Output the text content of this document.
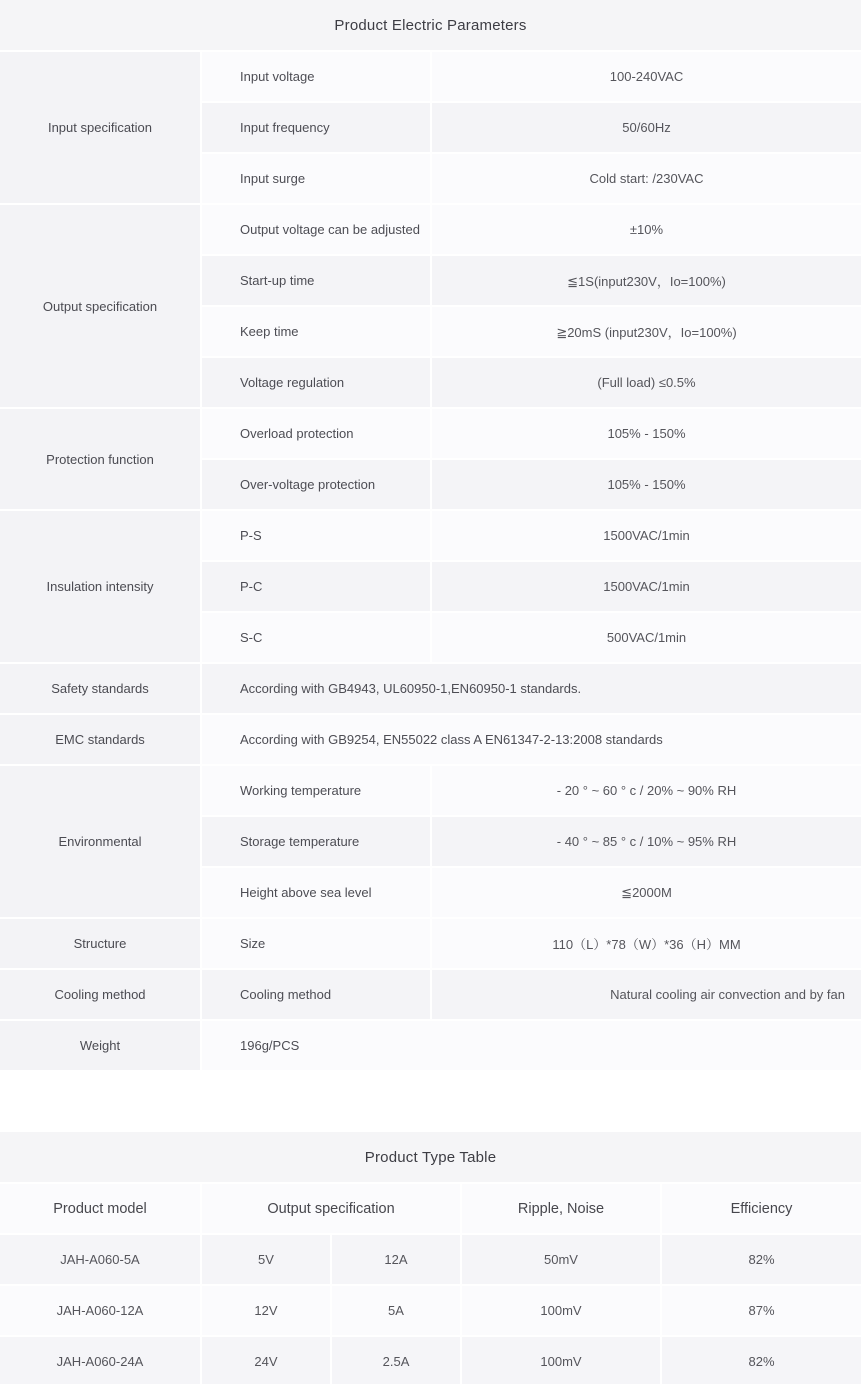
Product Electric Parameters
Input specification
Input voltage	100-240VAC
Input frequency	50/60Hz
Input surge	Cold start: /230VAC
Output specification
Output voltage can be adjusted	±10%
Start-up time	≦1S(input230V，Io=100%)
Keep time	≧20mS (input230V，Io=100%)
Voltage regulation	(Full load) ≤0.5%
Protection function
Overload protection	105% - 150%
Over-voltage protection	105% - 150%
Insulation intensity
P-S	1500VAC/1min
P-C	1500VAC/1min
S-C	500VAC/1min
Safety standards	According with GB4943, UL60950-1,EN60950-1 standards.
EMC standards	According with GB9254, EN55022 class A EN61347-2-13:2008 standards
Environmental
Working temperature	- 20 ° ~ 60 ° c / 20% ~ 90% RH
Storage temperature	- 40 ° ~ 85 ° c / 10% ~ 95% RH
Height above sea level	≦2000M
Structure	Size	110（L）*78（W）*36（H）MM
Cooling method	Cooling method	Natural cooling air convection and by fan
Weight	196g/PCS
Product Type Table
Product model	Output specification	Ripple, Noise	Efficiency
JAH-A060-5A	5V	12A	50mV	82%
JAH-A060-12A	12V	5A	100mV	87%
JAH-A060-24A	24V	2.5A	100mV	82%
